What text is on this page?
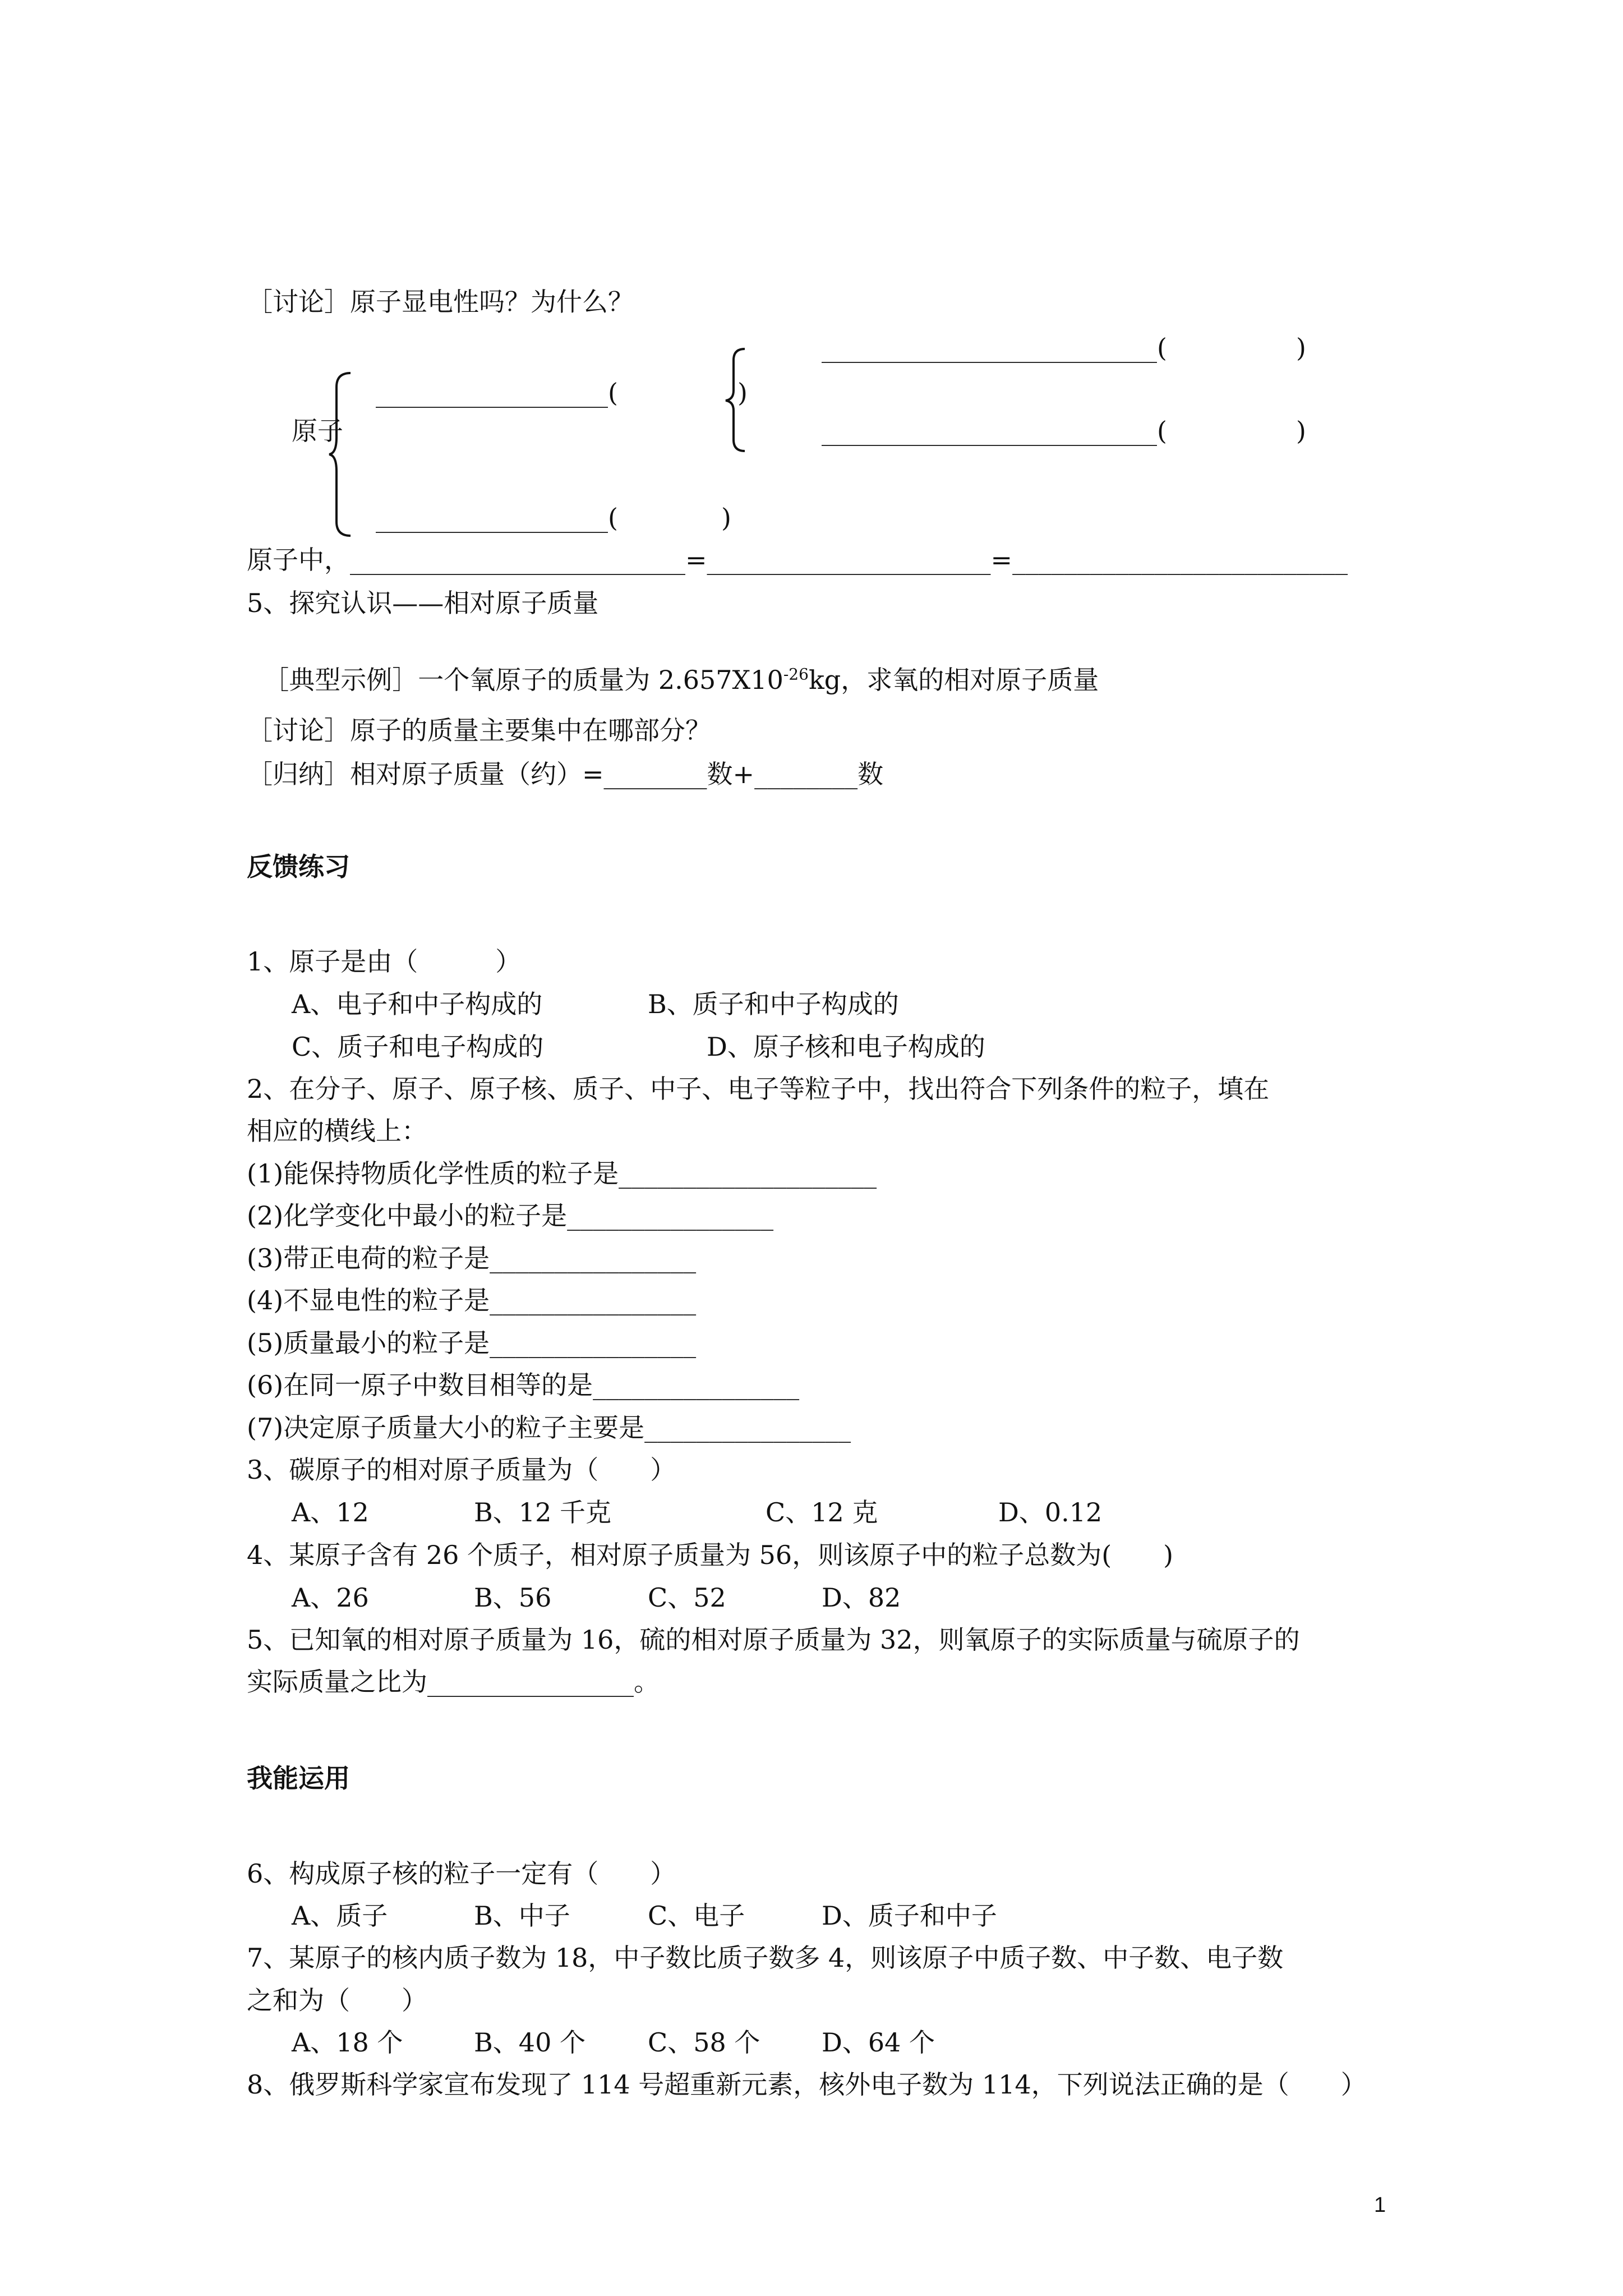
［讨论］原子显电性吗？为什么？
原子
__________________(　　　 )
__________________________(　　　　　)
__________________________(　　　　　)
__________________(　　　　)
原子中，__________________________=______________________=__________________________
5、探究认识——相对原子质量

［典型示例］一个氧原子的质量为 $2.657X10^{-26}kg$，求氧的相对原子质量

［讨论］原子的质量主要集中在哪部分？
［归纳］相对原子质量（约）=________数+________数
反馈练习
1、原子是由（　　　）
A、电子和中子构成的	B、质子和中子构成的
C、质子和电子构成的	D、原子核和电子构成的
2、在分子、原子、原子核、质子、中子、电子等粒子中，找出符合下列条件的粒子，填在
相应的横线上：
(1)能保持物质化学性质的粒子是____________________
(2)化学变化中最小的粒子是________________
(3)带正电荷的粒子是________________
(4)不显电性的粒子是________________
(5)质量最小的粒子是________________
(6)在同一原子中数目相等的是________________
(7)决定原子质量大小的粒子主要是________________
3、碳原子的相对原子质量为（　　）
A、12	B、12 千克	C、12 克	D、0.12
4、某原子含有 26 个质子，相对原子质量为 56，则该原子中的粒子总数为(　　)
A、26	B、56	C、52	D、82
5、已知氧的相对原子质量为 16，硫的相对原子质量为 32，则氧原子的实际质量与硫原子的
实际质量之比为________________。
我能运用
6、构成原子核的粒子一定有（　　）
A、质子	B、中子	C、电子	D、质子和中子
7、某原子的核内质子数为 18，中子数比质子数多 4，则该原子中质子数、中子数、电子数
之和为（　　）
A、18 个	B、40 个 C、58 个 D、64 个
8、俄罗斯科学家宣布发现了 114 号超重新元素，核外电子数为 114，下列说法正确的是（　　）
1
